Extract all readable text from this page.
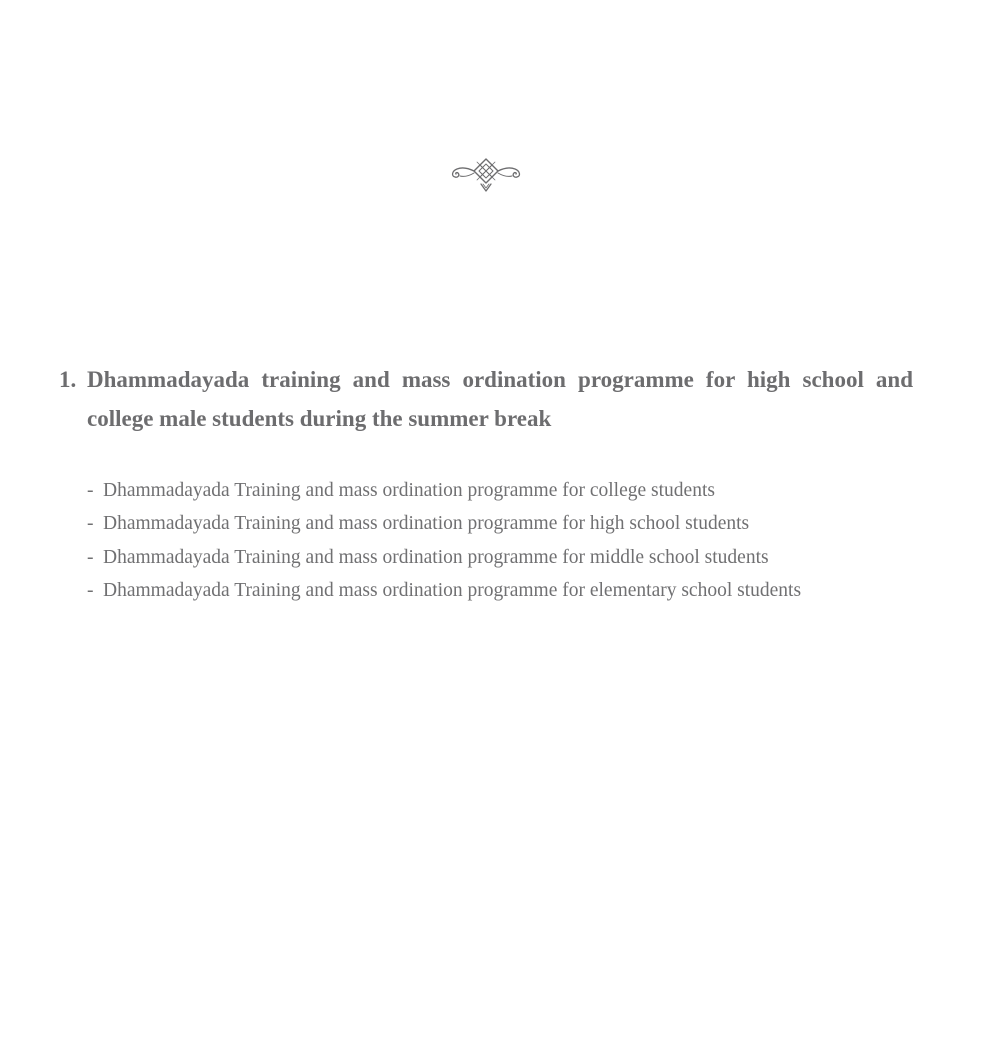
1. Dhammadayada training and mass ordination programme for high school and college male students during the summer break
- Dhammadayada Training and mass ordination programme for college students
- Dhammadayada Training and mass ordination programme for high school students
- Dhammadayada Training and mass ordination programme for middle school students
- Dhammadayada Training and mass ordination programme for elementary school students
